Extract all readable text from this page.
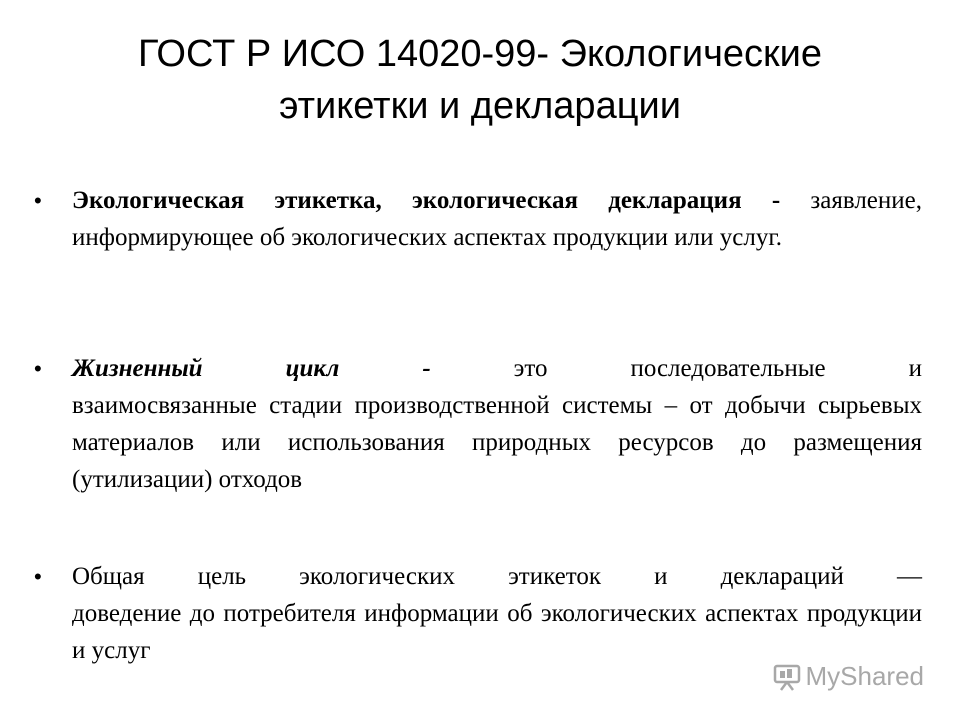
ГОСТ Р ИСО 14020-99- Экологические этикетки и декларации
• Экологическая этикетка, экологическая декларация - заявление, информирующее об экологических аспектах продукции или услуг.
• Жизненный	цикл	-	это	последовательные	и
взаимосвязанные стадии производственной системы – от добычи сырьевых материалов или использования природных ресурсов до размещения (утилизации) отходов
• Общая цель экологических этикеток и деклараций —
доведение до потребителя информации об экологических аспектах продукции и услуг
MyShared
